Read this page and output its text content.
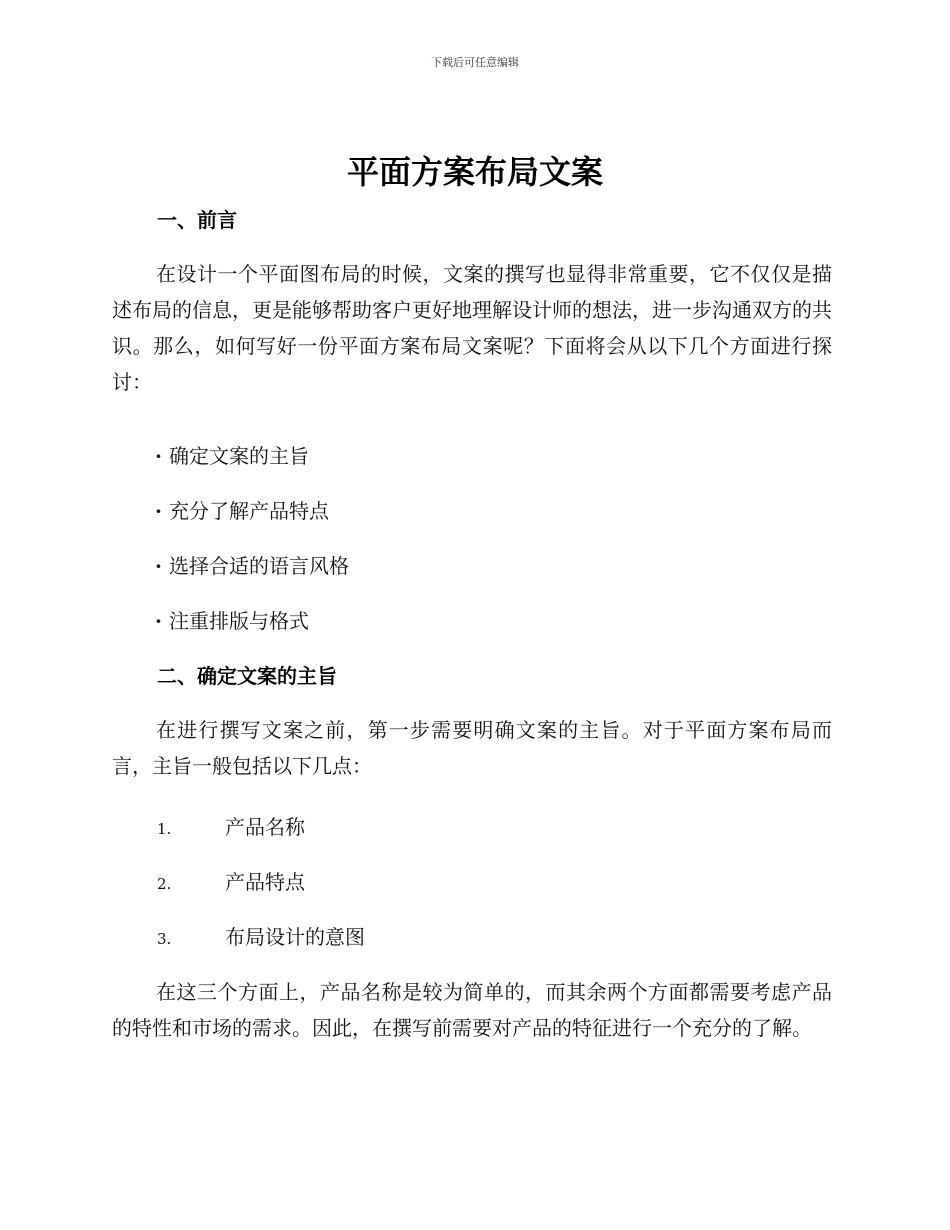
下载后可任意编辑
平面方案布局文案
一、前言
在设计一个平面图布局的时候，文案的撰写也显得非常重要，它不仅仅是描述布局的信息，更是能够帮助客户更好地理解设计师的想法，进一步沟通双方的共识。那么，如何写好一份平面方案布局文案呢？下面将会从以下几个方面进行探讨：
· 确定文案的主旨
· 充分了解产品特点
· 选择合适的语言风格
· 注重排版与格式
二、确定文案的主旨
在进行撰写文案之前，第一步需要明确文案的主旨。对于平面方案布局而言，主旨一般包括以下几点：
1.	产品名称
2.	产品特点
3.	布局设计的意图
在这三个方面上，产品名称是较为简单的，而其余两个方面都需要考虑产品的特性和市场的需求。因此，在撰写前需要对产品的特征进行一个充分的了解。
